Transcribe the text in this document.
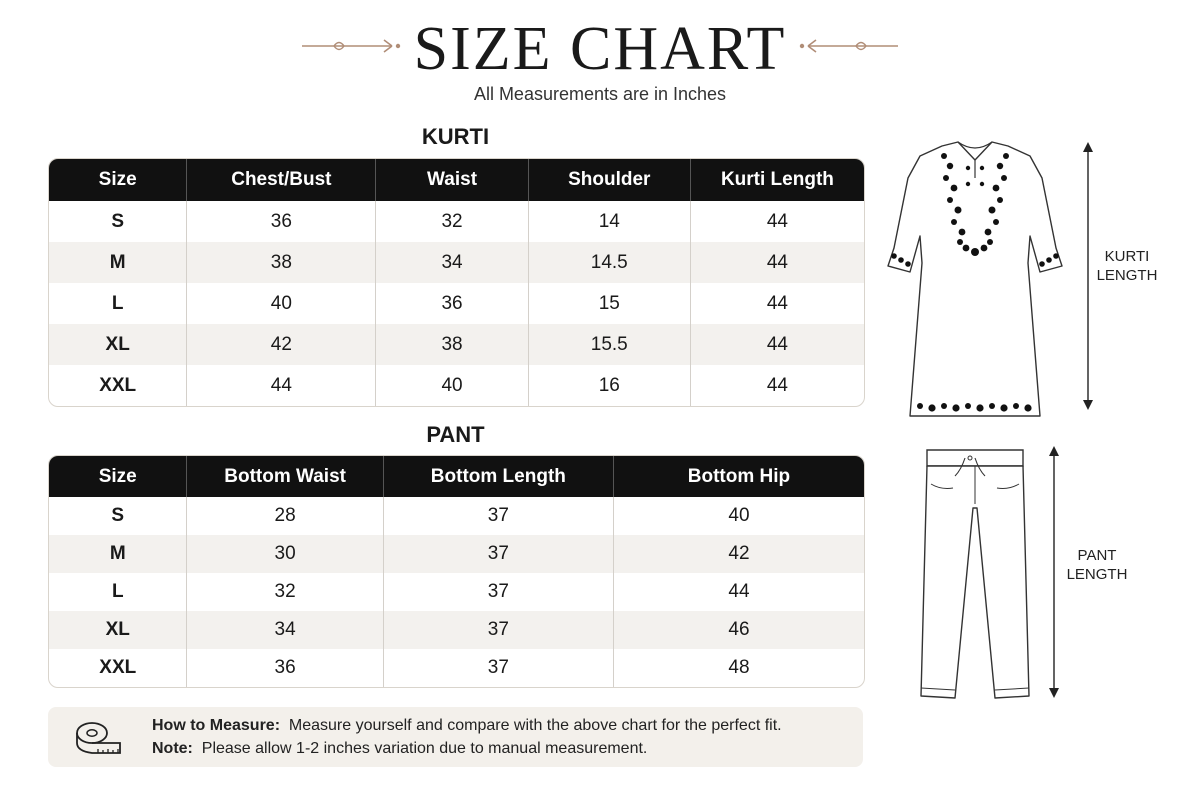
SIZE CHART
All Measurements are in Inches
KURTI
Size	Chest/Bust	Waist	Shoulder	Kurti Length
S	36	32	14	44
M	38	34	14.5	44
L	40	36	15	44
XL	42	38	15.5	44
XXL	44	40	16	44
PANT
Size	Bottom Waist	Bottom Length	Bottom Hip
S	28	37	40
M	30	37	42
L	32	37	44
XL	34	37	46
XXL	36	37	48
How to Measure: Measure yourself and compare with the above chart for the perfect fit.
Note: Please allow 1-2 inches variation due to manual measurement.
KURTI
LENGTH
PANT
LENGTH
